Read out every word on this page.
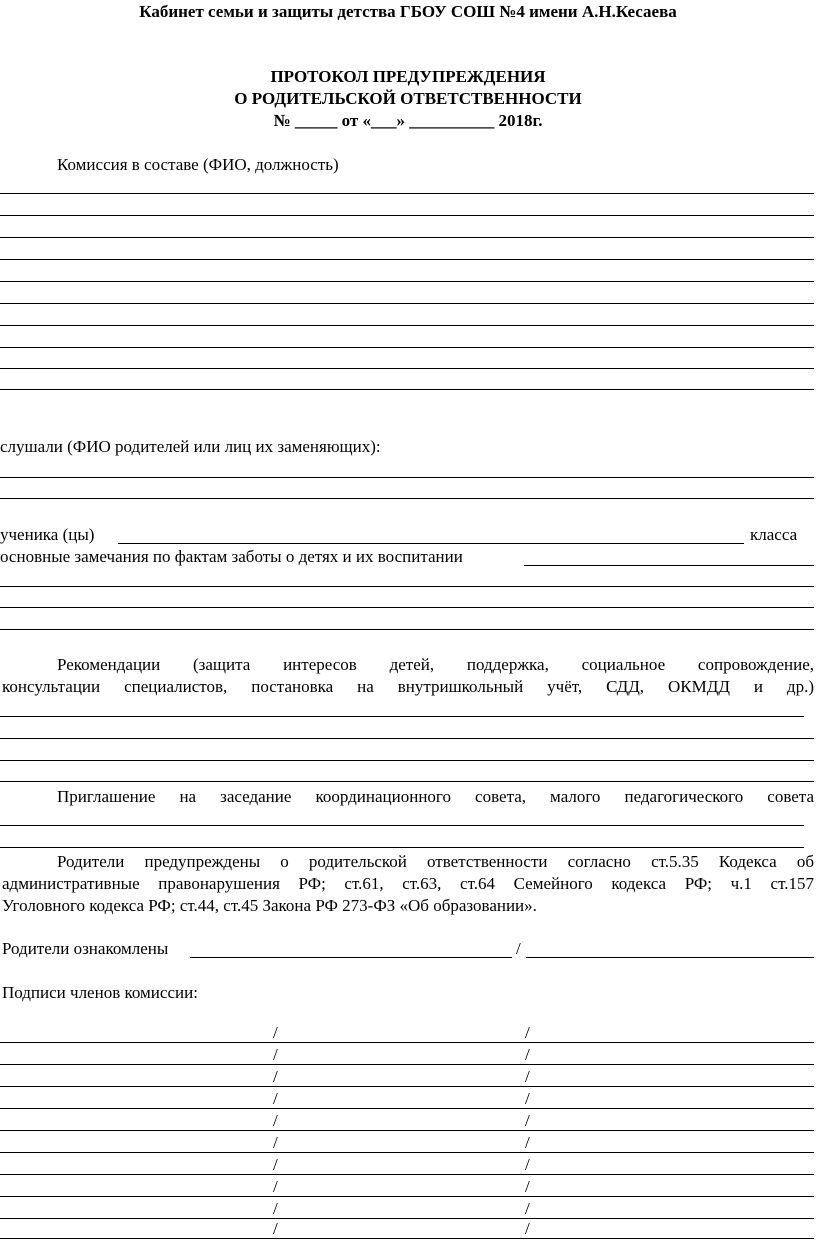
Кабинет семьи и защиты детства ГБОУ СОШ №4 имени А.Н.Кесаева
ПРОТОКОЛ ПРЕДУПРЕЖДЕНИЯ
О РОДИТЕЛЬСКОЙ ОТВЕТСТВЕННОСТИ
№ _____ от «___» __________ 2018г.
Комиссия в составе (ФИО, должность)
слушали (ФИО родителей или лиц их заменяющих):
ученика (цы)	класса
основные замечания по фактам заботы о детях и их воспитании
Рекомендации (защита интересов детей, поддержка, социальное сопровождение,
консультации специалистов, постановка на внутришкольный учёт, СДД, ОКМДД и др.)
Приглашение на заседание координационного совета, малого педагогического совета
Родители предупреждены о родительской ответственности согласно ст.5.35 Кодекса об
административные правонарушения РФ; ст.61, ст.63, ст.64 Семейного кодекса РФ; ч.1 ст.157
Уголовного кодекса РФ; ст.44, ст.45 Закона РФ 273-ФЗ «Об образовании».
Родители ознакомлены	/
Подписи членов комиссии:
/	/
/	/
/	/
/	/
/	/
/	/
/	/
/	/
/	/
/	/
